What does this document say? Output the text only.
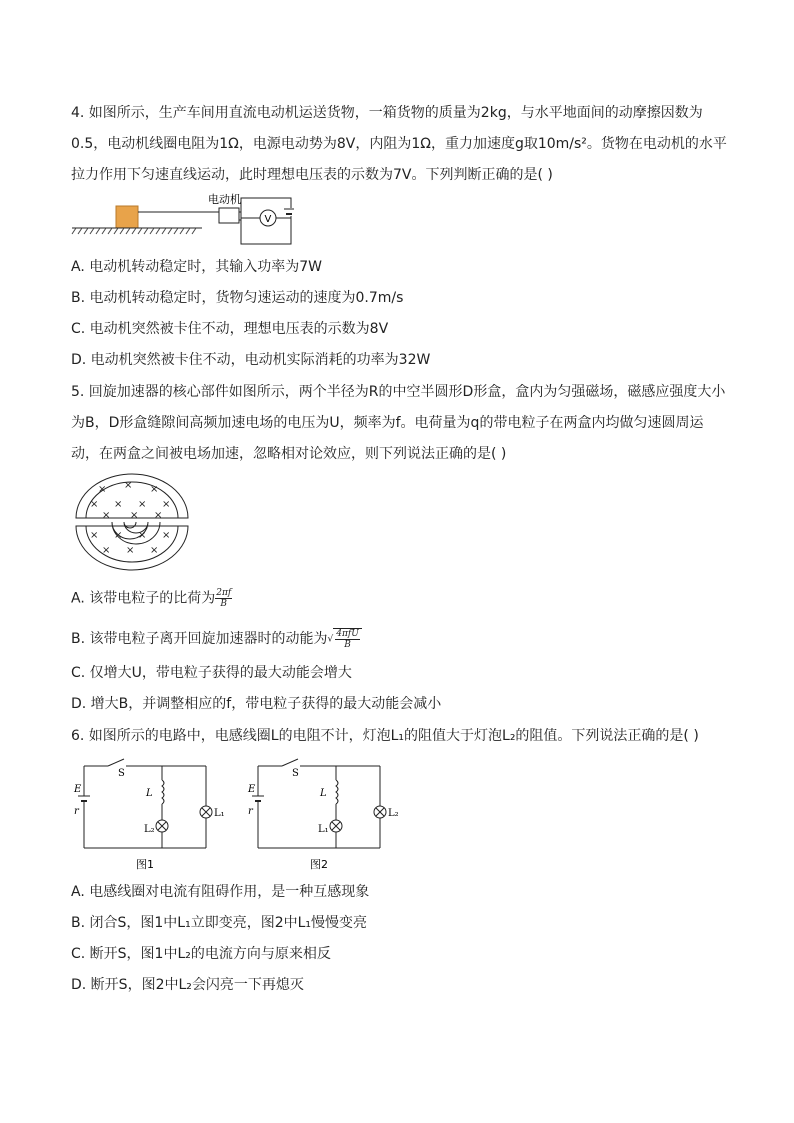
4. 如图所示，生产车间用直流电动机运送货物，一箱货物的质量为2kg，与水平地面间的动摩擦因数为
0.5，电动机线圈电阻为1Ω，电源电动势为8V，内阻为1Ω，重力加速度g取10m/s²。货物在电动机的水平
拉力作用下匀速直线运动，此时理想电压表的示数为7V。下列判断正确的是( )
电动机
V
A. 电动机转动稳定时，其输入功率为7W
B. 电动机转动稳定时，货物匀速运动的速度为0.7m/s
C. 电动机突然被卡住不动，理想电压表的示数为8V
D. 电动机突然被卡住不动，电动机实际消耗的功率为32W
5. 回旋加速器的核心部件如图所示，两个半径为R的中空半圆形D形盒，盒内为匀强磁场，磁感应强度大小
为B，D形盒缝隙间高频加速电场的电压为U，频率为f。电荷量为q的带电粒子在两盒内均做匀速圆周运
动，在两盒之间被电场加速，忽略相对论效应，则下列说法正确的是( )
× × ×
× × × ×
× × ×
× × × ×
× × ×
A. 该带电粒子的比荷为 $\frac{2\pi f}{B}$
B. 该带电粒子离开回旋加速器时的动能为√ $\frac{\text{4πfU}}{B}$
C. 仅增大U，带电粒子获得的最大动能会增大
D. 增大B，并调整相应的f，带电粒子获得的最大动能会减小
6. 如图所示的电路中，电感线圈L的电阻不计，灯泡L₁的阻值大于灯泡L₂的阻值。下列说法正确的是( )
S
E
r
L
L₂
L₁
图1
S
E
r
L
L₁
L₂
图2
A. 电感线圈对电流有阻碍作用，是一种互感现象
B. 闭合S，图1中L₁立即变亮，图2中L₁慢慢变亮
C. 断开S，图1中L₂的电流方向与原来相反
D. 断开S，图2中L₂会闪亮一下再熄灭
